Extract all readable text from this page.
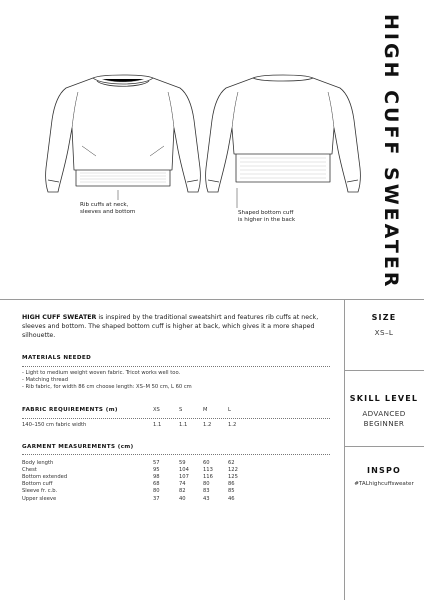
Rib cuffs at neck,
sleeves and bottom	Shaped bottom cuff
is higher in the back	HIGH CUFF SWEATER
HIGH CUFF SWEATER is inspired by the traditional sweatshirt and features rib cuffs at neck, sleeves and bottom. The shaped bottom cuff is higher at back, which gives it a more shaped silhouette.
MATERIALS NEEDED
- Light to medium weight woven fabric. Tricot works well too.
- Matching thread
- Rib fabric, for width 86 cm choose length: XS–M 50 cm, L 60 cm
FABRIC REQUIREMENTS (m)	XS	S	M	L
140–150 cm fabric width	1.1	1.1	1.2	1.2
GARMENT MEASUREMENTS (cm)
Body length	57	59	60	62
Chest	95	104	113	122
Bottom extended	98	107	116	125
Bottom cuff	68	74	80	86
Sleeve fr. c.b.	80	82	83	85
Upper sleeve	37	40	43	46
SIZE
XS–L
SKILL LEVEL
ADVANCED
BEGINNER
INSPO
#TALhighcuffsweater
